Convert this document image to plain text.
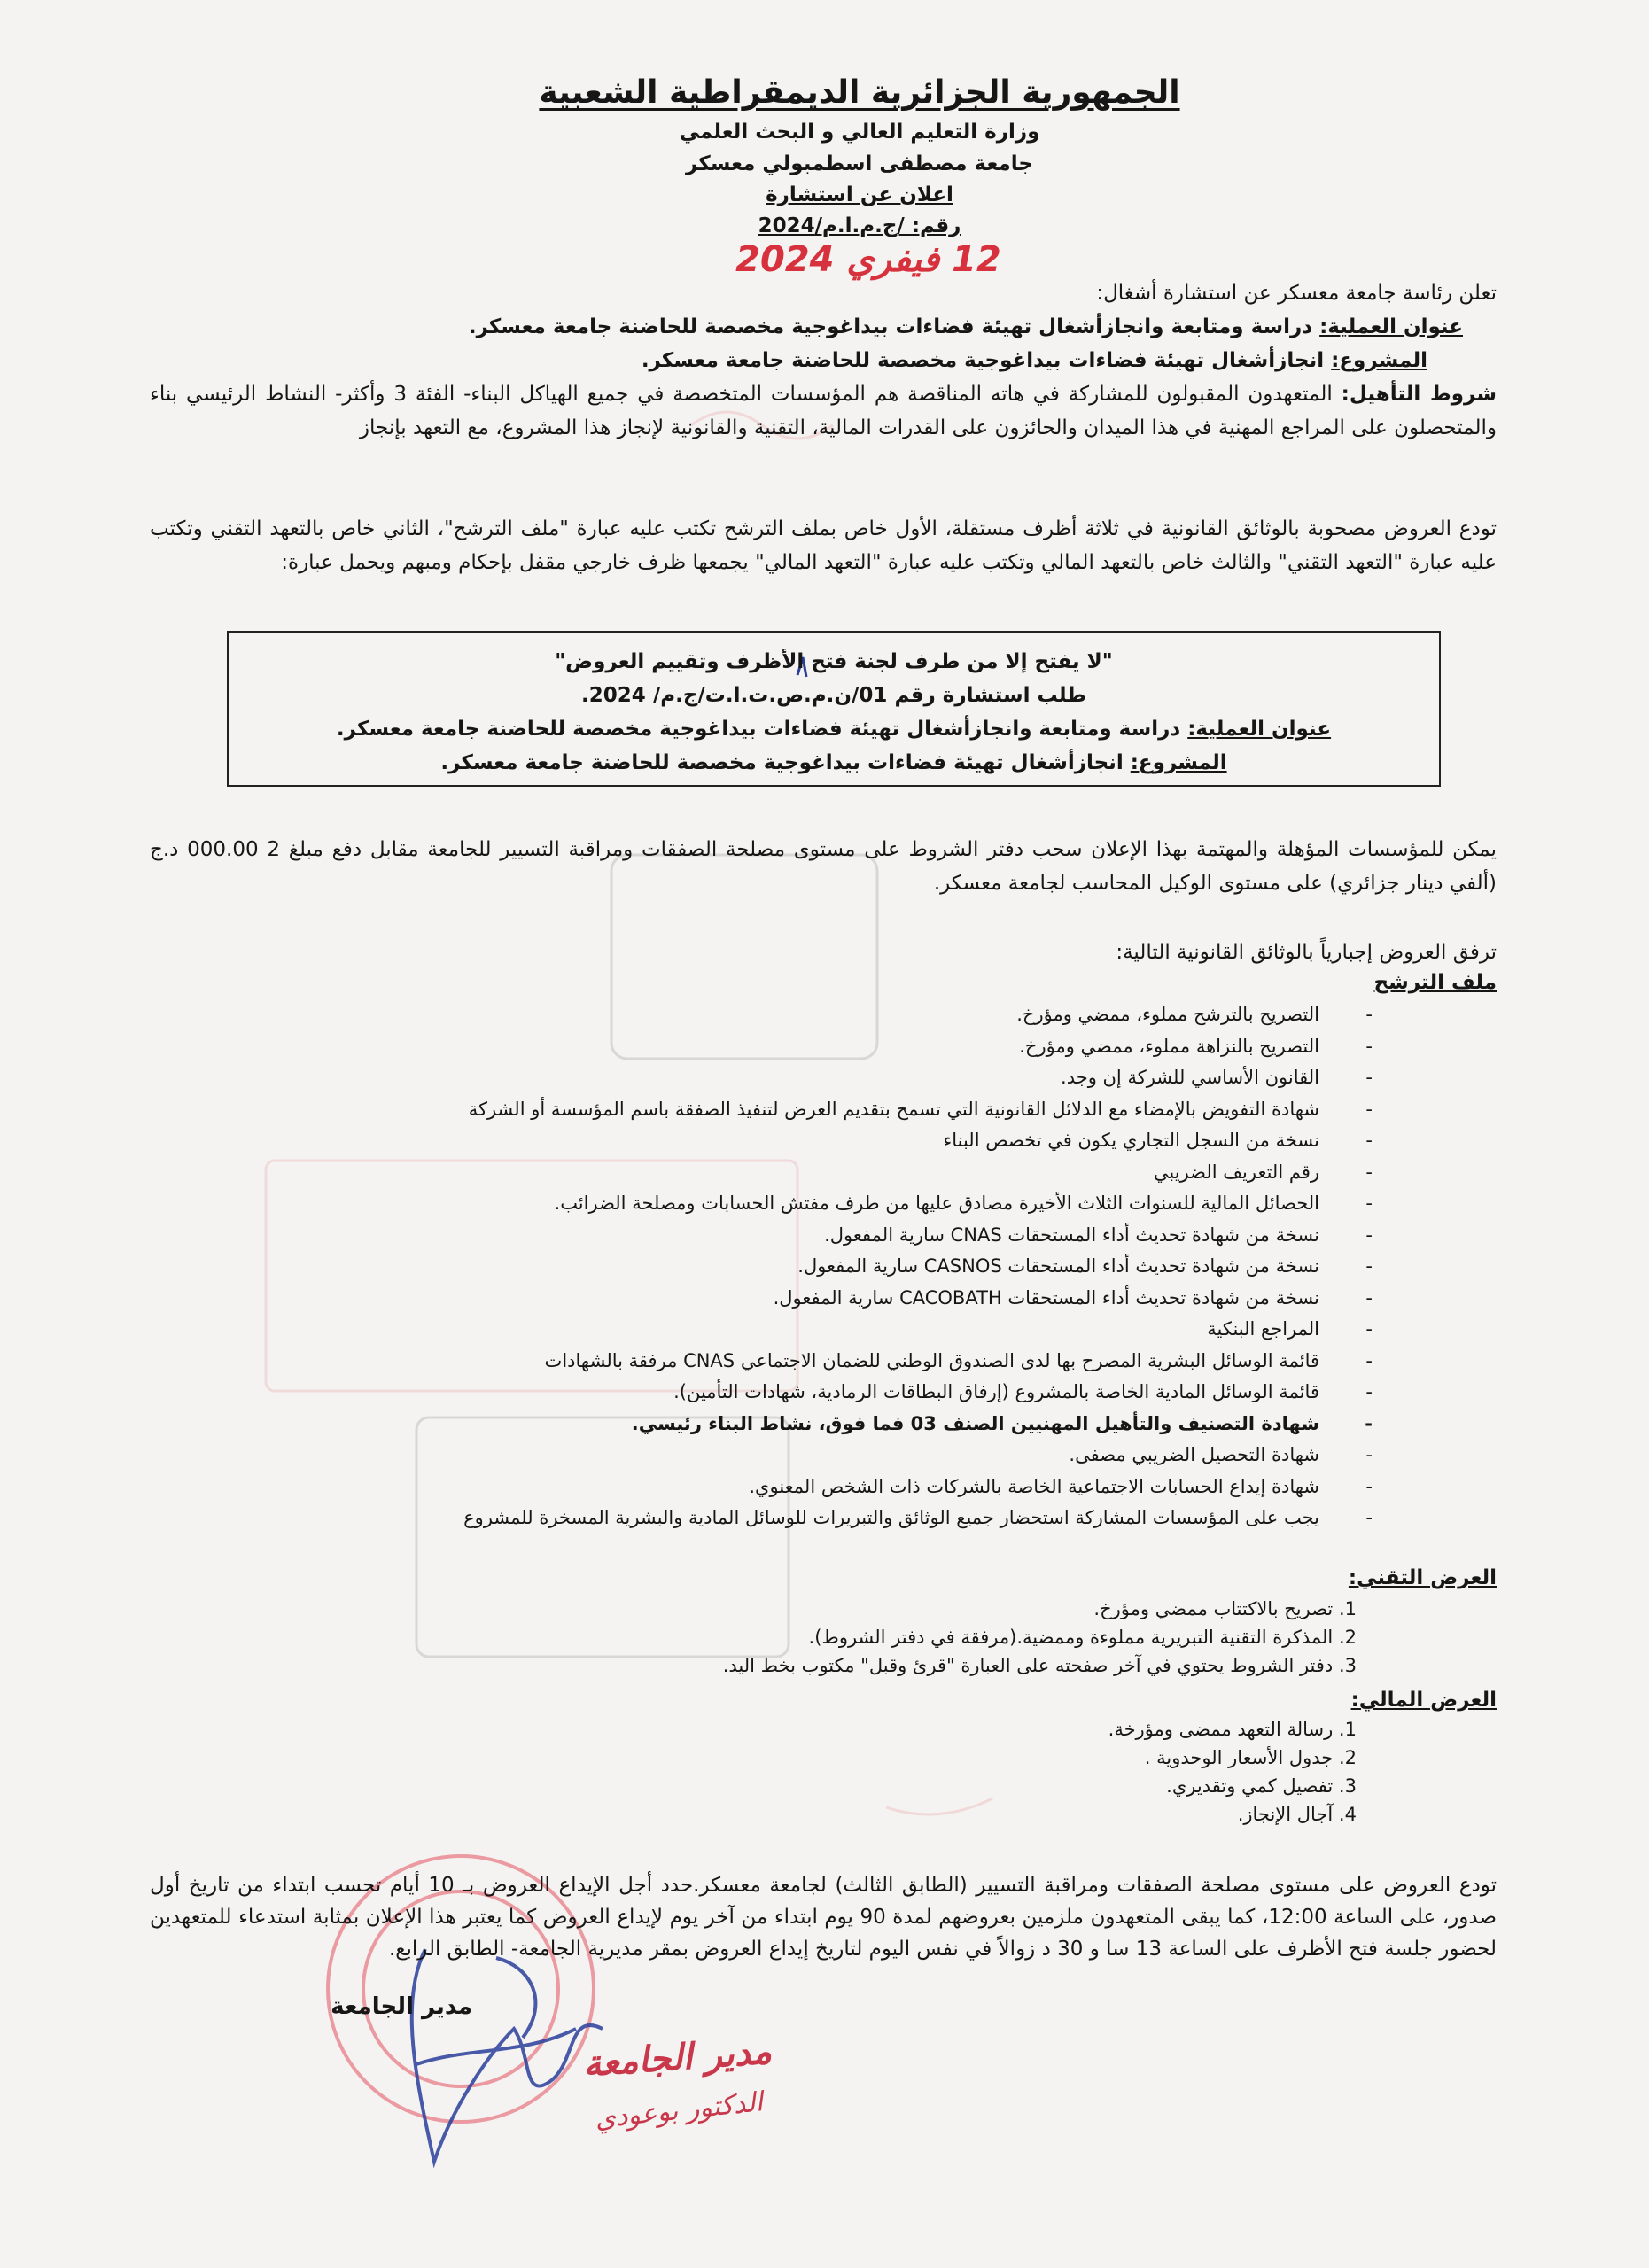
الجمهورية الجزائرية الديمقراطية الشعبية
وزارة التعليم العالي و البحث العلمي
جامعة مصطفى اسطمبولي معسكر
اعلان عن استشارة
رقم: /ج.م.ا.م/2024
12 فيفري 2024
تعلن رئاسة جامعة معسكر عن استشارة أشغال:
عنوان العملية: دراسة ومتابعة وانجازأشغال تهيئة فضاءات بيداغوجية مخصصة للحاضنة جامعة معسكر.
المشروع: انجازأشغال تهيئة فضاءات بيداغوجية مخصصة للحاضنة جامعة معسكر.
شروط التأهيل: المتعهدون المقبولون للمشاركة في هاته المناقصة هم المؤسسات المتخصصة في جميع الهياكل البناء- الفئة 3 وأكثر- النشاط الرئيسي بناء والمتحصلون على المراجع المهنية في هذا الميدان والحائزون على القدرات المالية، التقنية والقانونية لإنجاز هذا المشروع، مع التعهد بإنجاز
تودع العروض مصحوبة بالوثائق القانونية في ثلاثة أظرف مستقلة، الأول خاص بملف الترشح تكتب عليه عبارة "ملف الترشح"، الثاني خاص بالتعهد التقني وتكتب عليه عبارة "التعهد التقني" والثالث خاص بالتعهد المالي وتكتب عليه عبارة "التعهد المالي" يجمعها ظرف خارجي مقفل بإحكام ومبهم ويحمل عبارة:
"لا يفتح إلا من طرف لجنة فتح الأظرف وتقييم العروض"
طلب استشارة رقم 01/ن.م.ص.ت.ا.ت/ج.م/ 2024.
عنوان العملية: دراسة ومتابعة وانجازأشغال تهيئة فضاءات بيداغوجية مخصصة للحاضنة جامعة معسكر.
المشروع: انجازأشغال تهيئة فضاءات بيداغوجية مخصصة للحاضنة جامعة معسكر.
يمكن للمؤسسات المؤهلة والمهتمة بهذا الإعلان سحب دفتر الشروط على مستوى مصلحة الصفقات ومراقبة التسيير للجامعة مقابل دفع مبلغ 2 000.00 د.ج (ألفي دينار جزائري) على مستوى الوكيل المحاسب لجامعة معسكر.
ترفق العروض إجبارياً بالوثائق القانونية التالية:
ملف الترشح
- التصريح بالترشح مملوء، ممضي ومؤرخ.
- التصريح بالنزاهة مملوء، ممضي ومؤرخ.
- القانون الأساسي للشركة إن وجد.
- شهادة التفويض بالإمضاء مع الدلائل القانونية التي تسمح بتقديم العرض لتنفيذ الصفقة باسم المؤسسة أو الشركة
- نسخة من السجل التجاري يكون في تخصص البناء
- رقم التعريف الضريبي
- الحصائل المالية للسنوات الثلاث الأخيرة مصادق عليها من طرف مفتش الحسابات ومصلحة الضرائب.
- نسخة من شهادة تحديث أداء المستحقات CNAS سارية المفعول.
- نسخة من شهادة تحديث أداء المستحقات CASNOS سارية المفعول.
- نسخة من شهادة تحديث أداء المستحقات CACOBATH سارية المفعول.
- المراجع البنكية
- قائمة الوسائل البشرية المصرح بها لدى الصندوق الوطني للضمان الاجتماعي CNAS مرفقة بالشهادات
- قائمة الوسائل المادية الخاصة بالمشروع (إرفاق البطاقات الرمادية، شهادات التأمين).
- شهادة التصنيف والتأهيل المهنيين الصنف 03 فما فوق، نشاط البناء رئيسي.
- شهادة التحصيل الضريبي مصفى.
- شهادة إيداع الحسابات الاجتماعية الخاصة بالشركات ذات الشخص المعنوي.
- يجب على المؤسسات المشاركة استحضار جميع الوثائق والتبريرات للوسائل المادية والبشرية المسخرة للمشروع
العرض التقني:
1. تصريح بالاكتتاب ممضي ومؤرخ.
2. المذكرة التقنية التبريرية مملوءة وممضية.(مرفقة في دفتر الشروط).
3. دفتر الشروط يحتوي في آخر صفحته على العبارة "قرئ وقبل" مكتوب بخط اليد.
العرض المالي:
1. رسالة التعهد ممضى ومؤرخة.
2. جدول الأسعار الوحدوية .
3. تفصيل كمي وتقديري.
4. آجال الإنجاز.
تودع العروض على مستوى مصلحة الصفقات ومراقبة التسيير (الطابق الثالث) لجامعة معسكر.حدد أجل الإيداع العروض بـ 10 أيام تحسب ابتداء من تاريخ أول صدور، على الساعة 12:00، كما يبقى المتعهدون ملزمين بعروضهم لمدة 90 يوم ابتداء من آخر يوم لإيداع العروض كما يعتبر هذا الإعلان بمثابة استدعاء للمتعهدين لحضور جلسة فتح الأظرف على الساعة 13 سا و 30 د زوالاً في نفس اليوم لتاريخ إيداع العروض بمقر مديرية الجامعة- الطابق الرابع.
مدير الجامعة
مدير الجامعة
الدكتور بوعودي
